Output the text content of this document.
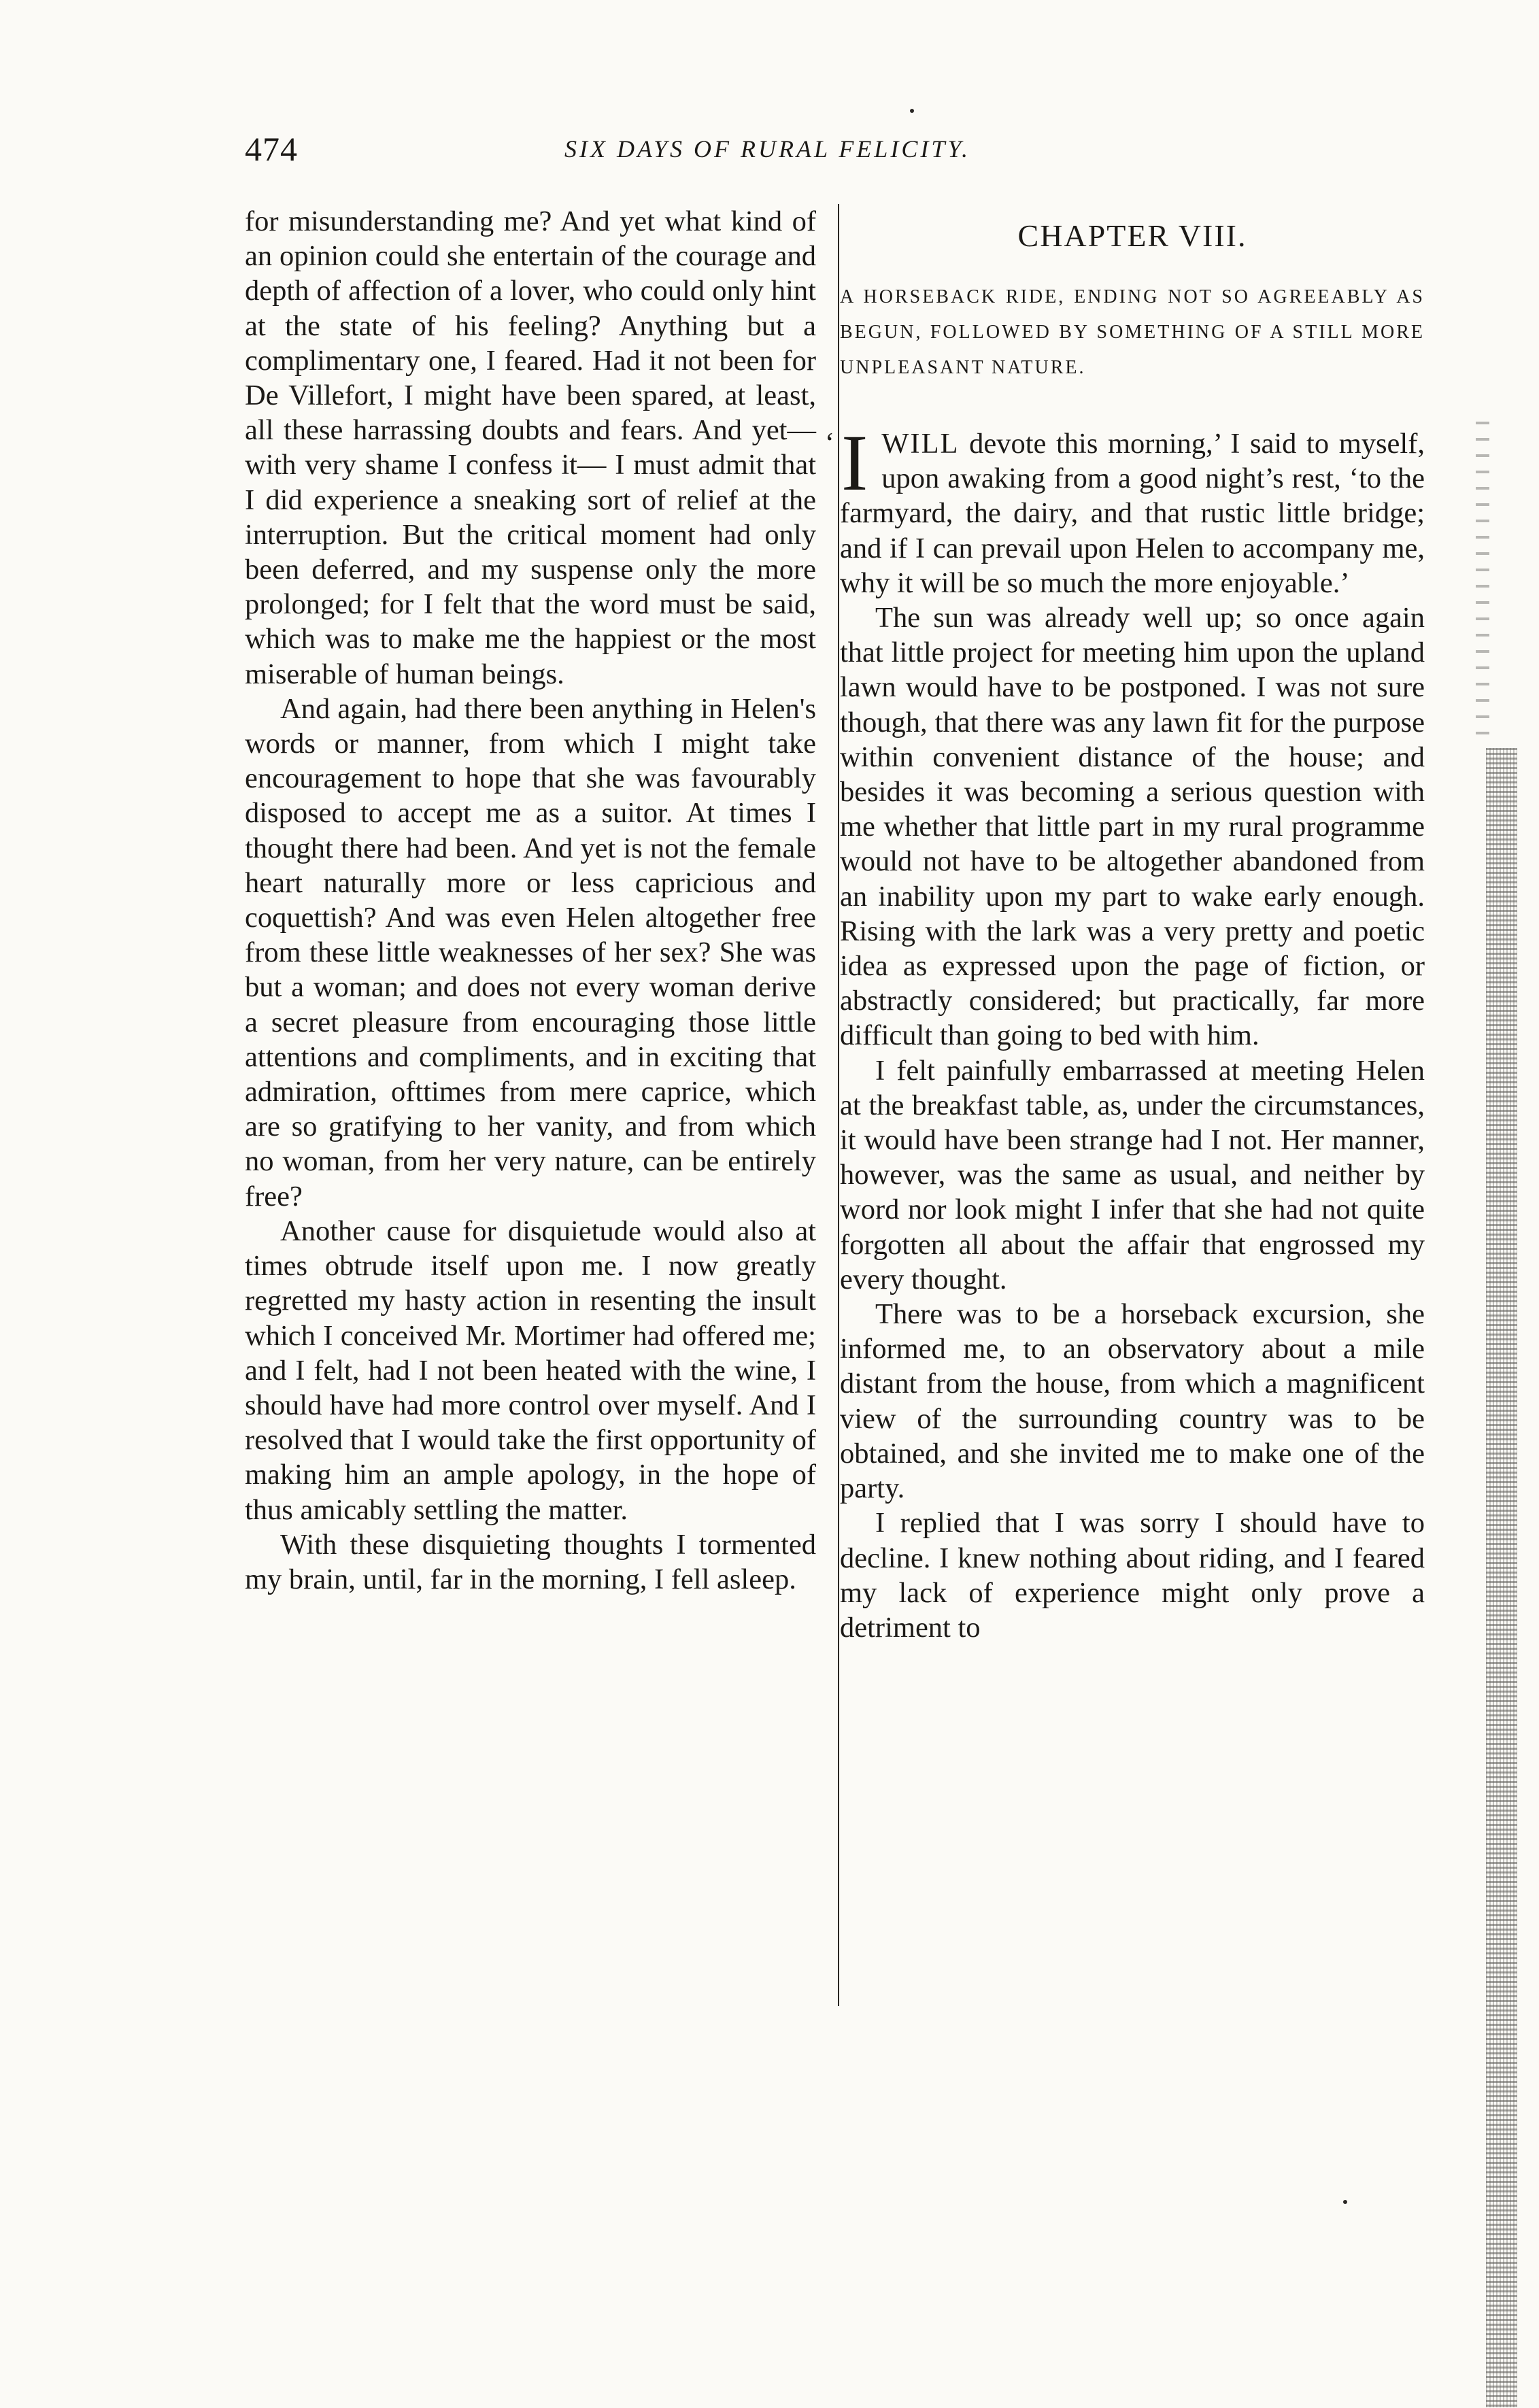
474	SIX DAYS OF RURAL FELICITY.

for misunderstanding me? And yet what kind of an opinion could she entertain of the courage and depth of affection of a lover, who could only hint at the state of his feeling? Anything but a complimentary one, I feared. Had it not been for De Villefort, I might have been spared, at least, all these harrassing doubts and fears. And yet—with very shame I confess it— I must admit that I did experience a sneaking sort of relief at the interruption. But the critical moment had only been deferred, and my suspense only the more prolonged; for I felt that the word must be said, which was to make me the happiest or the most miserable of human beings.

And again, had there been anything in Helen's words or manner, from which I might take encouragement to hope that she was favourably disposed to accept me as a suitor. At times I thought there had been. And yet is not the female heart naturally more or less capricious and coquettish? And was even Helen altogether free from these little weaknesses of her sex? She was but a woman; and does not every woman derive a secret pleasure from encouraging those little attentions and compliments, and in exciting that admiration, ofttimes from mere caprice, which are so gratifying to her vanity, and from which no woman, from her very nature, can be entirely free?

Another cause for disquietude would also at times obtrude itself upon me. I now greatly regretted my hasty action in resenting the insult which I conceived Mr. Mortimer had offered me; and I felt, had I not been heated with the wine, I should have had more control over myself. And I resolved that I would take the first opportunity of making him an ample apology, in the hope of thus amicably settling the matter.

With these disquieting thoughts I tormented my brain, until, far in the morning, I fell asleep.

CHAPTER VIII.
A HORSEBACK RIDE, ENDING NOT SO AGREEABLY AS BEGUN, FOLLOWED BY SOMETHING OF A STILL MORE UNPLEASANT NATURE.

‘ I WILL devote this morning,’ I said to myself, upon awaking from a good night’s rest, ‘to the farmyard, the dairy, and that rustic little bridge; and if I can prevail upon Helen to accompany me, why it will be so much the more enjoyable.’

The sun was already well up; so once again that little project for meeting him upon the upland lawn would have to be postponed. I was not sure though, that there was any lawn fit for the purpose within convenient distance of the house; and besides it was becoming a serious question with me whether that little part in my rural programme would not have to be altogether abandoned from an inability upon my part to wake early enough. Rising with the lark was a very pretty and poetic idea as expressed upon the page of fiction, or abstractly considered; but practically, far more difficult than going to bed with him.

I felt painfully embarrassed at meeting Helen at the breakfast table, as, under the circumstances, it would have been strange had I not. Her manner, however, was the same as usual, and neither by word nor look might I infer that she had not quite forgotten all about the affair that engrossed my every thought.

There was to be a horseback excursion, she informed me, to an observatory about a mile distant from the house, from which a magnificent view of the surrounding country was to be obtained, and she invited me to make one of the party.

I replied that I was sorry I should have to decline. I knew nothing about riding, and I feared my lack of experience might only prove a detriment to
